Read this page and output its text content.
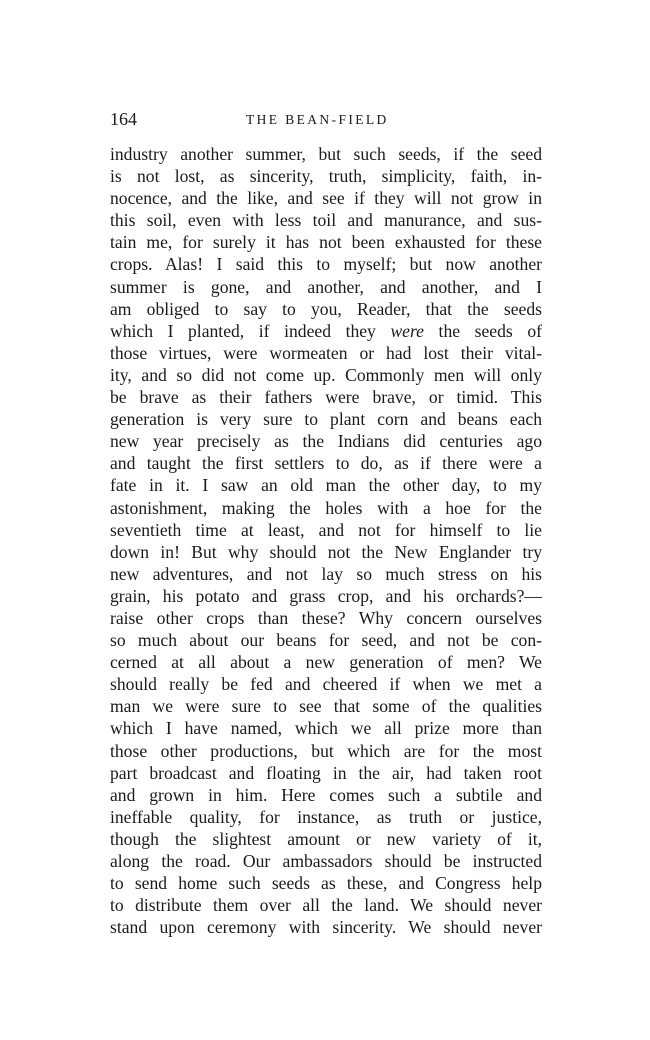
164	THE BEAN-FIELD
industry another summer, but such seeds, if the seed
is not lost, as sincerity, truth, simplicity, faith, in-
nocence, and the like, and see if they will not grow in
this soil, even with less toil and manurance, and sus-
tain me, for surely it has not been exhausted for these
crops. Alas! I said this to myself; but now another
summer is gone, and another, and another, and I
am obliged to say to you, Reader, that the seeds
which I planted, if indeed they were the seeds of
those virtues, were wormeaten or had lost their vital-
ity, and so did not come up. Commonly men will only
be brave as their fathers were brave, or timid. This
generation is very sure to plant corn and beans each
new year precisely as the Indians did centuries ago
and taught the first settlers to do, as if there were a
fate in it. I saw an old man the other day, to my
astonishment, making the holes with a hoe for the
seventieth time at least, and not for himself to lie
down in! But why should not the New Englander try
new adventures, and not lay so much stress on his
grain, his potato and grass crop, and his orchards?—
raise other crops than these? Why concern ourselves
so much about our beans for seed, and not be con-
cerned at all about a new generation of men? We
should really be fed and cheered if when we met a
man we were sure to see that some of the qualities
which I have named, which we all prize more than
those other productions, but which are for the most
part broadcast and floating in the air, had taken root
and grown in him. Here comes such a subtile and
ineffable quality, for instance, as truth or justice,
though the slightest amount or new variety of it,
along the road. Our ambassadors should be instructed
to send home such seeds as these, and Congress help
to distribute them over all the land. We should never
stand upon ceremony with sincerity. We should never
